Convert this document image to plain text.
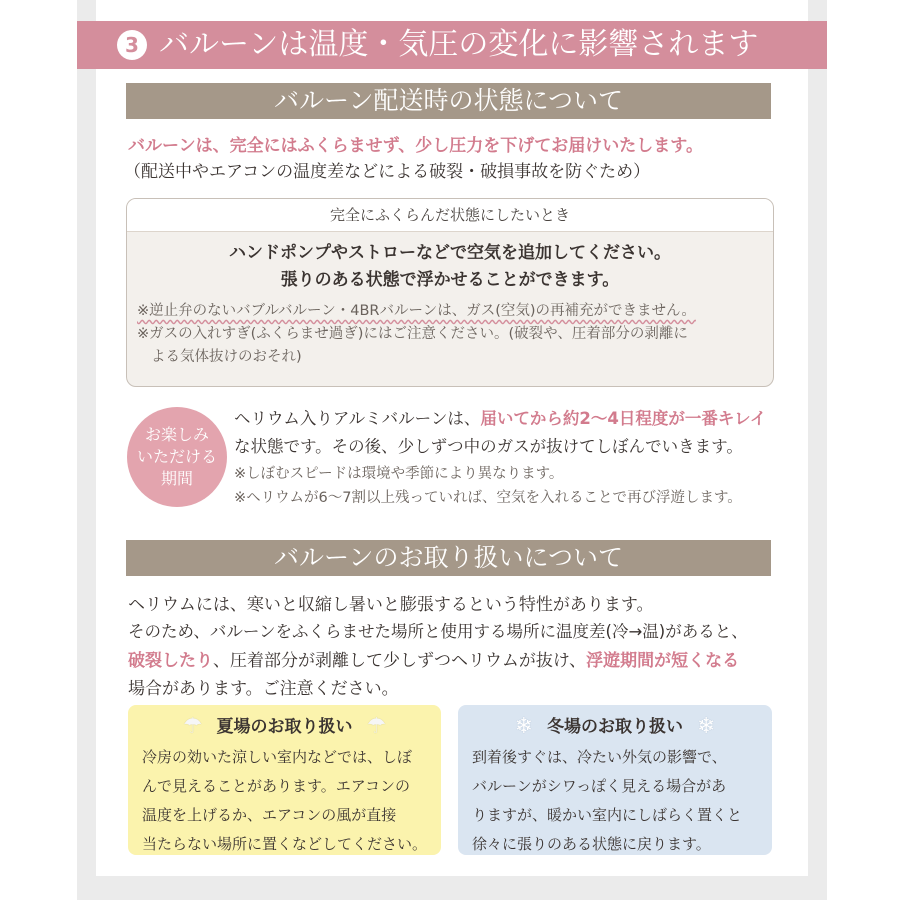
3 バルーンは温度・気圧の変化に影響されます
バルーン配送時の状態について
バルーンは、完全にはふくらませず、少し圧力を下げてお届けいたします。
（配送中やエアコンの温度差などによる破裂・破損事故を防ぐため）
完全にふくらんだ状態にしたいとき
ハンドポンプやストローなどで空気を追加してください。
張りのある状態で浮かせることができます。
※逆止弁のないバブルバルーン・4BRバルーンは、ガス(空気)の再補充ができません。
※ガスの入れすぎ(ふくらませ過ぎ)にはご注意ください。(破裂や、圧着部分の剥離に
よる気体抜けのおそれ)
お楽しみ
いただける
期間
ヘリウム入りアルミバルーンは、届いてから約2～4日程度が一番キレイ
な状態です。その後、少しずつ中のガスが抜けてしぼんでいきます。
※しぼむスピードは環境や季節により異なります。
※ヘリウムが6～7割以上残っていれば、空気を入れることで再び浮遊します。
バルーンのお取り扱いについて
ヘリウムには、寒いと収縮し暑いと膨張するという特性があります。
そのため、バルーンをふくらませた場所と使用する場所に温度差(冷→温)があると、
破裂したり、圧着部分が剥離して少しずつヘリウムが抜け、浮遊期間が短くなる
場合があります。ご注意ください。
☂ 夏場のお取り扱い ☂
冷房の効いた涼しい室内などでは、しぼ
んで見えることがあります。エアコンの
温度を上げるか、エアコンの風が直接
当たらない場所に置くなどしてください。
❄ 冬場のお取り扱い ❄
到着後すぐは、冷たい外気の影響で、
バルーンがシワっぽく見える場合があ
りますが、暖かい室内にしばらく置くと
徐々に張りのある状態に戻ります。
